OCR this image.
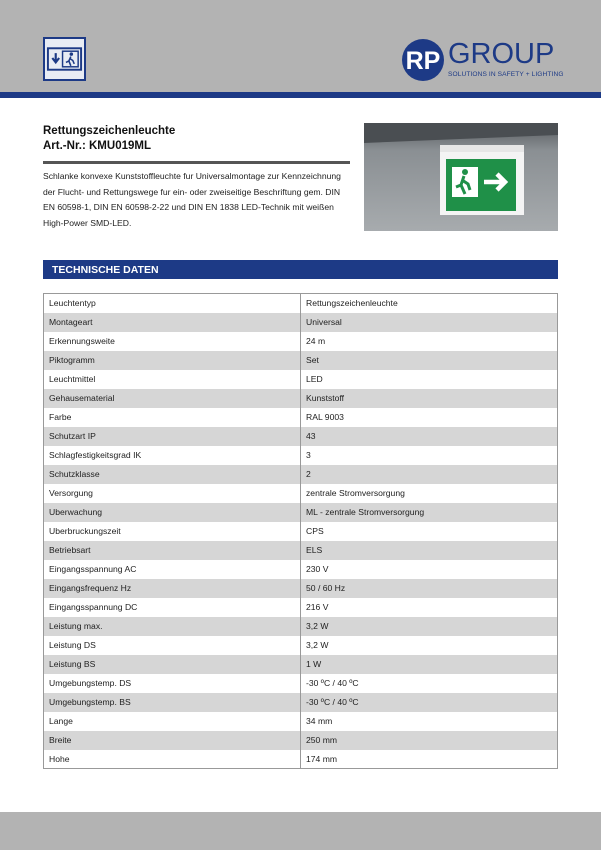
RP GROUP
SOLUTIONS IN SAFETY + LIGHTING
Rettungszeichenleuchte
Art.-Nr.: KMU019ML
Schlanke konvexe Kunststoffleuchte fur Universalmontage zur Kennzeichnung der Flucht- und Rettungswege fur ein- oder zweiseitige Beschriftung gem. DIN EN 60598-1, DIN EN 60598-2-22 und DIN EN 1838 LED-Technik mit weißen High-Power SMD-LED.
TECHNISCHE DATEN
Leuchtentyp	Rettungszeichenleuchte
Montageart	Universal
Erkennungsweite	24 m
Piktogramm	Set
Leuchtmittel	LED
Gehausematerial	Kunststoff
Farbe	RAL 9003
Schutzart IP	43
Schlagfestigkeitsgrad IK	3
Schutzklasse	2
Versorgung	zentrale Stromversorgung
Uberwachung	ML - zentrale Stromversorgung
Uberbruckungszeit	CPS
Betriebsart	ELS
Eingangsspannung AC	230 V
Eingangsfrequenz Hz	50 / 60 Hz
Eingangsspannung DC	216 V
Leistung max.	3,2 W
Leistung DS	3,2 W
Leistung BS	1 W
Umgebungstemp. DS	-30 ºC / 40 ºC
Umgebungstemp. BS	-30 ºC / 40 ºC
Lange	34 mm
Breite	250 mm
Hohe	174 mm
